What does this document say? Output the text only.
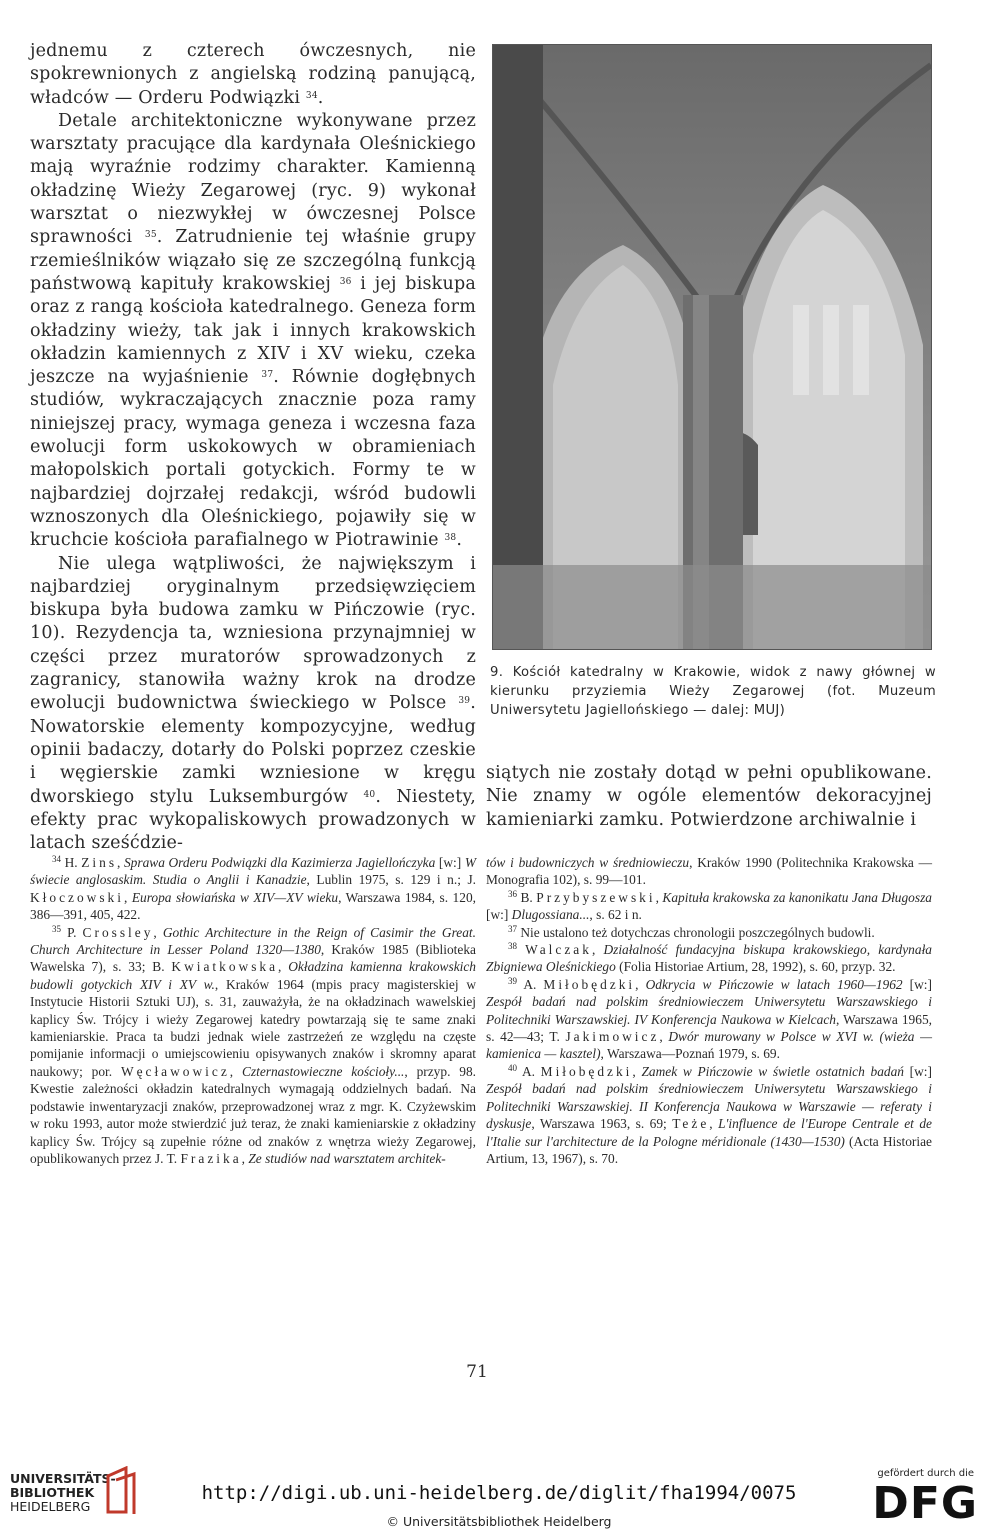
jednemu z czterech ówczesnych, nie spokrewnionych z angielską rodziną panującą, władców — Orderu Podwiązki $^{34}$.

Detale architektoniczne wykonywane przez warsztaty pracujące dla kardynała Oleśnickiego mają wyraźnie rodzimy charakter. Kamienną okładzinę Wieży Zegarowej (ryc. 9) wykonał warsztat o niezwykłej w ówczesnej Polsce sprawności $^{35}$. Zatrudnienie tej właśnie grupy rzemieślników wiązało się ze szczególną funkcją państwową kapituły krakowskiej $^{36}$ i jej biskupa oraz z rangą kościoła katedralnego. Geneza form okładziny wieży, tak jak i innych krakowskich okładzin kamiennych z XIV i XV wieku, czeka jeszcze na wyjaśnienie $^{37}$. Równie dogłębnych studiów, wykraczających znacznie poza ramy niniejszej pracy, wymaga geneza i wczesna faza ewolucji form uskokowych w obramieniach małopolskich portali gotyckich. Formy te w najbardziej dojrzałej redakcji, wśród budowli wznoszonych dla Oleśnickiego, pojawiły się w kruchcie kościoła parafialnego w Piotrawinie $^{38}$.

Nie ulega wątpliwości, że największym i najbardziej oryginalnym przedsięwzięciem biskupa była budowa zamku w Pińczowie (ryc. 10). Rezydencja ta, wzniesiona przynajmniej w części przez muratorów sprowadzonych z zagranicy, stanowiła ważny krok na drodze ewolucji budownictwa świeckiego w Polsce $^{39}$. Nowatorskie elementy kompozycyjne, według opinii badaczy, dotarły do Polski poprzez czeskie i węgierskie zamki wzniesione w kręgu dworskiego stylu Luksemburgów $^{40}$. Niestety, efekty prac wykopaliskowych prowadzonych w latach sześćdzie-

9. Kościół katedralny w Krakowie, widok z nawy głównej w kierunku przyziemia Wieży Zegarowej (fot. Muzeum Uniwersytetu Jagiellońskiego — dalej: MUJ)

siątych nie zostały dotąd w pełni opublikowane. Nie znamy w ogóle elementów dekoracyjnej kamieniarki zamku. Potwierdzone archiwalnie i

$^{34}$ H. Zins, Sprawa Orderu Podwiązki dla Kazimierza Jagiellończyka [w:] W świecie anglosaskim. Studia o Anglii i Kanadzie, Lublin 1975, s. 129 i n.; J. Kłoczowski, Europa słowiańska w XIV—XV wieku, Warszawa 1984, s. 120, 386—391, 405, 422.

$^{35}$ P. Crossley, Gothic Architecture in the Reign of Casimir the Great. Church Architecture in Lesser Poland 1320—1380, Kraków 1985 (Biblioteka Wawelska 7), s. 33; B. Kwiatkowska, Okładzina kamienna krakowskich budowli gotyckich XIV i XV w., Kraków 1964 (mpis pracy magisterskiej w Instytucie Historii Sztuki UJ), s. 31, zauważyła, że na okładzinach wawelskiej kaplicy Św. Trójcy i wieży Zegarowej katedry powtarzają się te same znaki kamieniarskie. Praca ta budzi jednak wiele zastrzeżeń ze względu na częste pomijanie informacji o umiejscowieniu opisywanych znaków i skromny aparat naukowy; por. Węcławowicz, Czternastowieczne kościoły..., przyp. 98. Kwestie zależności okładzin katedralnych wymagają oddzielnych badań. Na podstawie inwentaryzacji znaków, przeprowadzonej wraz z mgr. K. Czyżewskim w roku 1993, autor może stwierdzić już teraz, że znaki kamieniarskie z okładziny kaplicy Św. Trójcy są zupełnie różne od znaków z wnętrza wieży Zegarowej, opublikowanych przez J. T. Frazika, Ze studiów nad warsztatem architek-

tów i budowniczych w średniowieczu, Kraków 1990 (Politechnika Krakowska — Monografia 102), s. 99—101.

$^{36}$ B. Przybyszewski, Kapituła krakowska za kanonikatu Jana Długosza [w:] Dlugossiana..., s. 62 i n.

$^{37}$ Nie ustalono też dotychczas chronologii poszczególnych budowli.

$^{38}$ Walczak, Działalność fundacyjna biskupa krakowskiego, kardynała Zbigniewa Oleśnickiego (Folia Historiae Artium, 28, 1992), s. 60, przyp. 32.

$^{39}$ A. Miłobędzki, Odkrycia w Pińczowie w latach 1960—1962 [w:] Zespół badań nad polskim średniowieczem Uniwersytetu Warszawskiego i Politechniki Warszawskiej. IV Konferencja Naukowa w Kielcach, Warszawa 1965, s. 42—43; T. Jakimowicz, Dwór murowany w Polsce w XVI w. (wieża — kamienica — kasztel), Warszawa—Poznań 1979, s. 69.

$^{40}$ A. Miłobędzki, Zamek w Pińczowie w świetle ostatnich badań [w:] Zespół badań nad polskim średniowieczem Uniwersytetu Warszawskiego i Politechniki Warszawskiej. II Konferencja Naukowa w Warszawie — referaty i dyskusje, Warszawa 1963, s. 69; Teże, L'influence de l'Europe Centrale et de l'Italie sur l'architecture de la Pologne méridionale (1430—1530) (Acta Historiae Artium, 13, 1967), s. 70.

71
UNIVERSITÄTS-
BIBLIOTHEK
HEIDELBERG
http://digi.ub.uni-heidelberg.de/diglit/fha1994/0075
© Universitätsbibliothek Heidelberg
gefördert durch die
DFG
